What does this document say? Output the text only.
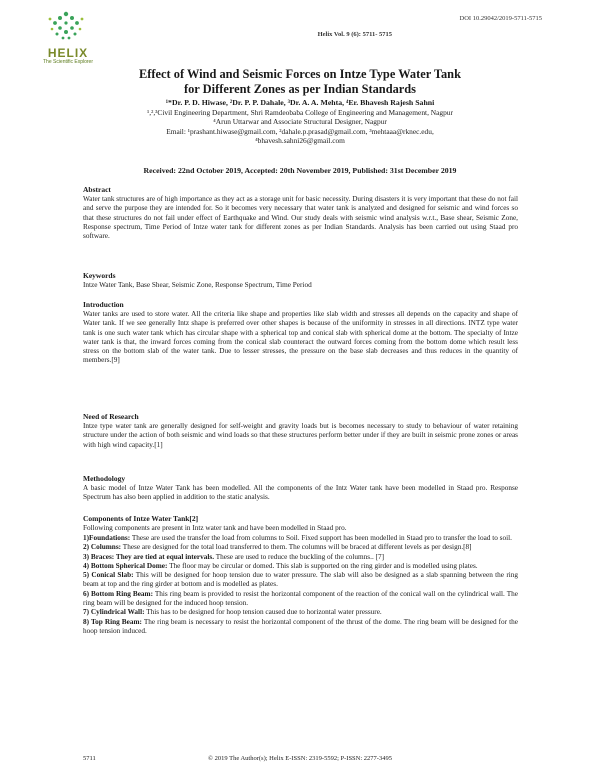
HELIX
The Scientific Explorer
DOI 10.29042/2019-5711-5715
Helix Vol. 9 (6): 5711- 5715
Effect of Wind and Seismic Forces on Intze Type Water Tank
for Different Zones as per Indian Standards
¹*Dr. P. D. Hiwase, ²Dr. P. P. Dahale, ³Dr. A. A. Mehta, ⁴Er. Bhavesh Rajesh Sahni
¹,²,³Civil Engineering Department, Shri Ramdeobaba College of Engineering and Management, Nagpur
⁴Arun Uttarwar and Associate Structural Designer, Nagpur
Email: ¹prashant.hiwase@gmail.com, ²dahale.p.prasad@gmail.com, ³mehtaaa@rknec.edu,
⁴bhavesh.sahni26@gmail.com
Received: 22nd October 2019, Accepted: 20th November 2019, Published: 31st December 2019
Abstract
Water tank structures are of high importance as they act as a storage unit for basic necessity. During disasters it is very important that these do not fail and serve the purpose they are intended for. So it becomes very necessary that water tank is analyzed and designed for seismic and wind forces so that these structures do not fail under effect of Earthquake and Wind. Our study deals with seismic wind analysis w.r.t., Base shear, Seismic Zone, Response spectrum, Time Period of Intze water tank for different zones as per Indian Standards. Analysis has been carried out using Staad pro software.
Keywords
Intze Water Tank, Base Shear, Seismic Zone, Response Spectrum, Time Period
Introduction
Water tanks are used to store water. All the criteria like shape and properties like slab width and stresses all depends on the capacity and shape of Water tank. If we see generally Intz shape is preferred over other shapes is because of the uniformity in stresses in all directions. INTZ type water tank is one such water tank which has circular shape with a spherical top and conical slab with spherical dome at the bottom. The specialty of Intze water tank is that, the inward forces coming from the conical slab counteract the outward forces coming from the bottom dome which result less stress on the bottom slab of the water tank. Due to lesser stresses, the pressure on the base slab decreases and thus reduces in the quantity of members.[9]
Need of Research
Intze type water tank are generally designed for self-weight and gravity loads but is becomes necessary to study to behaviour of water retaining structure under the action of both seismic and wind loads so that these structures perform better under if they are built in seismic prone zones or areas with high wind capacity.[1]
Methodology
A basic model of Intze Water Tank has been modelled. All the components of the Intz Water tank have been modelled in Staad pro. Response Spectrum has also been applied in addition to the static analysis.
Components of Intze Water Tank[2]
Following components are present in Intz water tank and have been modelled in Staad pro.

1)Foundations: These are used the transfer the load from columns to Soil. Fixed support has been modelled in Staad pro to transfer the load to soil.

2) Columns: These are designed for the total load transferred to them. The columns will be braced at different levels as per design.[8]

3) Braces: They are tied at equal intervals. These are used to reduce the buckling of the columns.. [7]

4) Bottom Spherical Dome: The floor may be circular or domed. This slab is supported on the ring girder and is modelled using plates.

5) Conical Slab: This will be designed for hoop tension due to water pressure. The slab will also be designed as a slab spanning between the ring beam at top and the ring girder at bottom and is modelled as plates.

6) Bottom Ring Beam: This ring beam is provided to resist the horizontal component of the reaction of the conical wall on the cylindrical wall. The ring beam will be designed for the induced hoop tension.

7) Cylindrical Wall: This has to be designed for hoop tension caused due to horizontal water pressure.

8) Top Ring Beam: The ring beam is necessary to resist the horizontal component of the thrust of the dome. The ring beam will be designed for the hoop tension induced.

5711	© 2019 The Author(s); Helix E-ISSN: 2319-5592; P-ISSN: 2277-3495
